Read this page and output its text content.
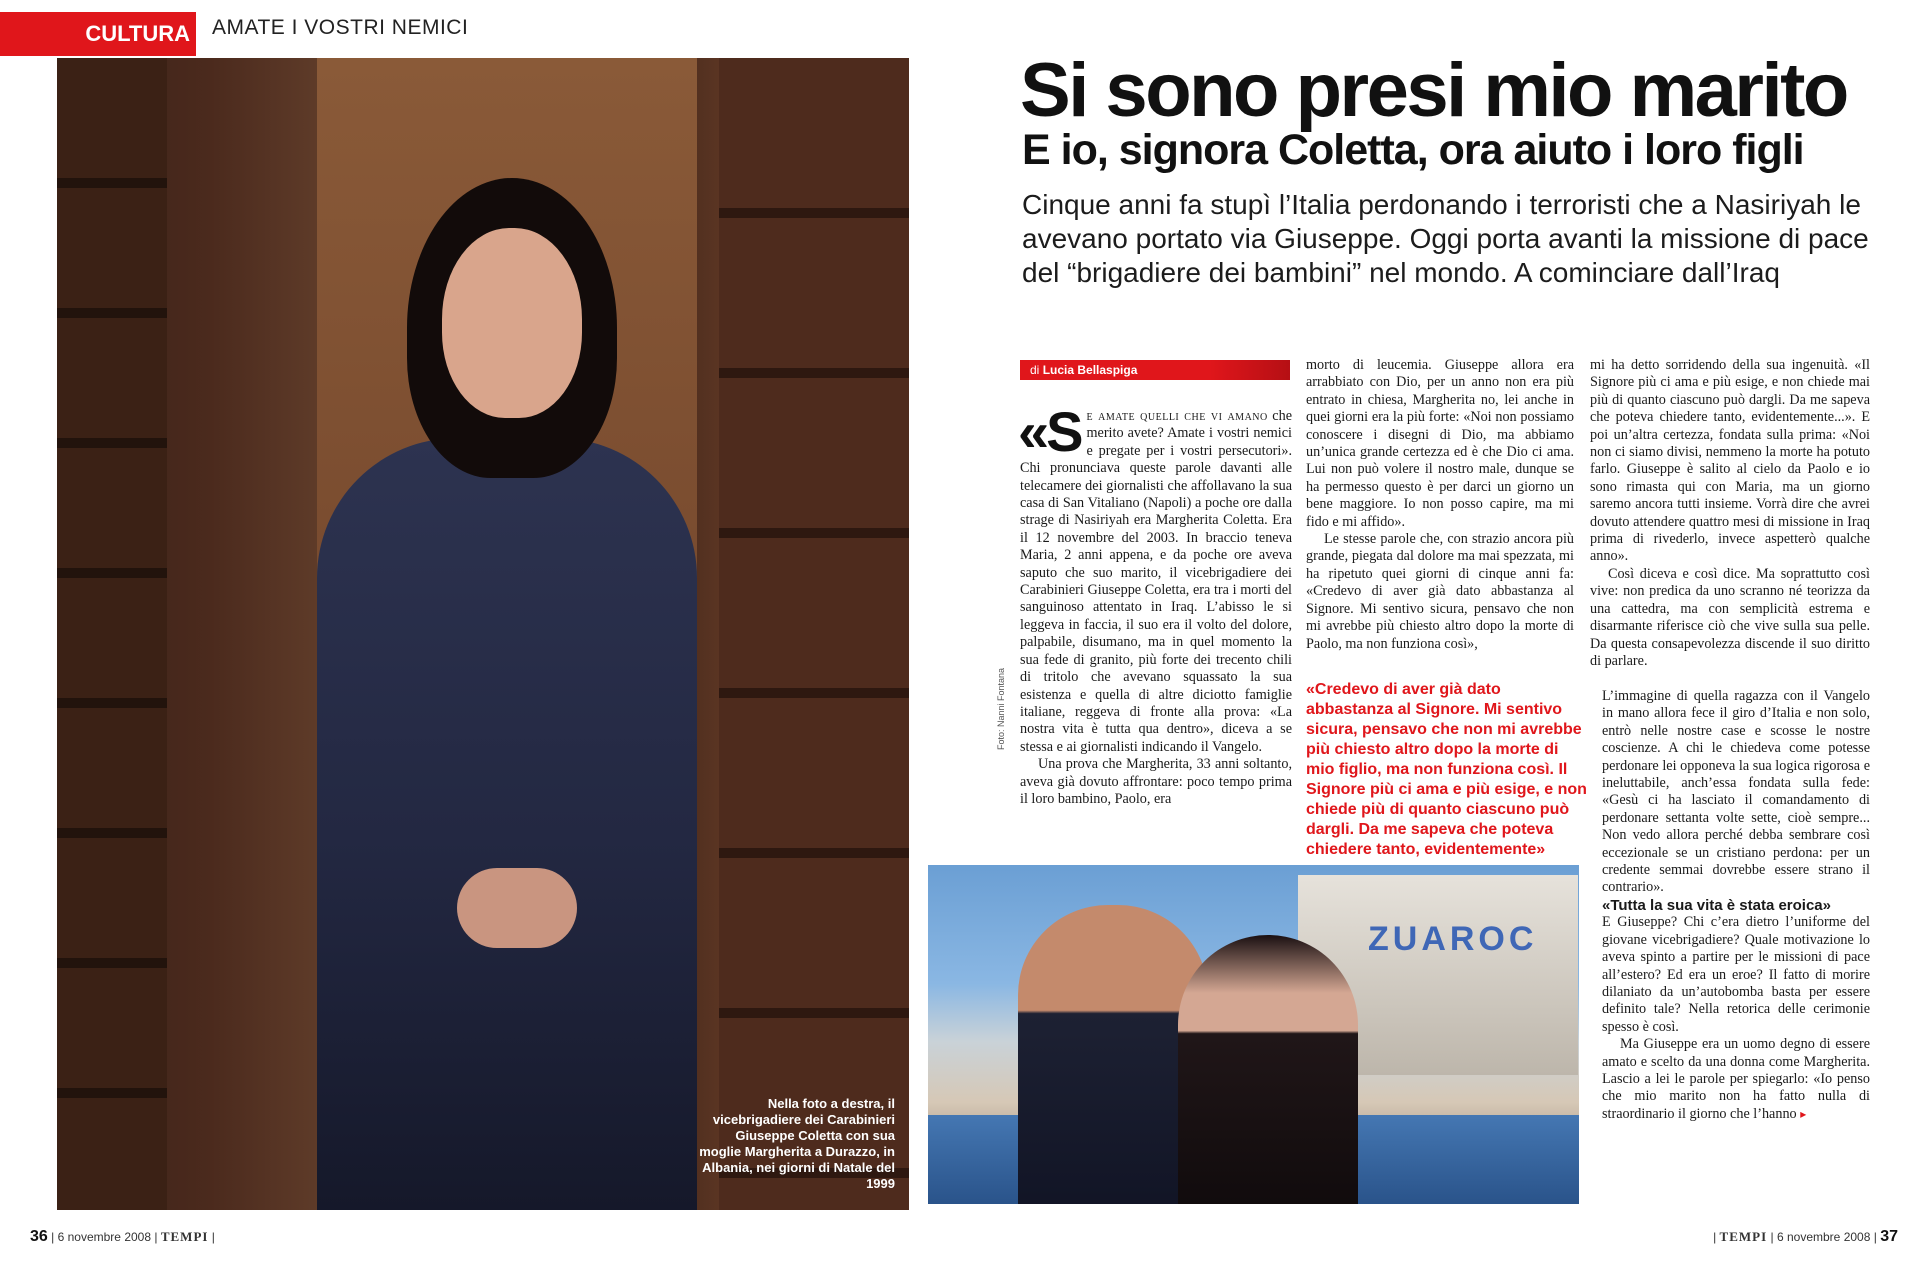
CULTURA AMATE I VOSTRI NEMICI
Nella foto a destra, il vicebrigadiere dei Carabinieri Giuseppe Coletta con sua moglie Margherita a Durazzo, in Albania, nei giorni di Natale del 1999
Foto: Nanni Fontana
Si sono presi mio marito
E io, signora Coletta, ora aiuto i loro figli
Cinque anni fa stupì l’Italia perdonando i terroristi che a Nasiriyah le avevano portato via Giuseppe. Oggi porta avanti la missione di pace del “brigadiere dei bambini” nel mondo. A cominciare dall’Iraq
di Lucia Bellaspiga

«Se amate quelli che vi amano che merito avete? Amate i vostri nemici e pregate per i vostri persecutori». Chi pronunciava queste parole davanti alle telecamere dei giornalisti che affollavano la sua casa di San Vitaliano (Napoli) a poche ore dalla strage di Nasiriyah era Margherita Coletta. Era il 12 novembre del 2003. In braccio teneva Maria, 2 anni appena, e da poche ore aveva saputo che suo marito, il vicebrigadiere dei Carabinieri Giuseppe Coletta, era tra i morti del sanguinoso attentato in Iraq. L’abisso le si leggeva in faccia, il suo era il volto del dolore, palpabile, disumano, ma in quel momento la sua fede di granito, più forte dei trecento chili di tritolo che avevano squassato la sua esistenza e quella di altre diciotto famiglie italiane, reggeva di fronte alla prova: «La nostra vita è tutta qua dentro», diceva a se stessa e ai giornalisti indicando il Vangelo.

Una prova che Margherita, 33 anni soltanto, aveva già dovuto affrontare: poco tempo prima il loro bambino, Paolo, era

morto di leucemia. Giuseppe allora era arrabbiato con Dio, per un anno non era più entrato in chiesa, Margherita no, lei anche in quei giorni era la più forte: «Noi non possiamo conoscere i disegni di Dio, ma abbiamo un’unica grande certezza ed è che Dio ci ama. Lui non può volere il nostro male, dunque se ha permesso questo è per darci un giorno un bene maggiore. Io non posso capire, ma mi fido e mi affido».

Le stesse parole che, con strazio ancora più grande, piegata dal dolore ma mai spezzata, mi ha ripetuto quei giorni di cinque anni fa: «Credevo di aver già dato abbastanza al Signore. Mi sentivo sicura, pensavo che non mi avrebbe più chiesto altro dopo la morte di Paolo, ma non funziona così»,

«Credevo di aver già dato abbastanza al Signore. Mi sentivo sicura, pensavo che non mi avrebbe più chiesto altro dopo la morte di mio figlio, ma non funziona così. Il Signore più ci ama e più esige, e non chiede più di quanto ciascuno può dargli. Da me sapeva che poteva chiedere tanto, evidentemente»

mi ha detto sorridendo della sua ingenuità. «Il Signore più ci ama e più esige, e non chiede mai più di quanto ciascuno può dargli. Da me sapeva che poteva chiedere tanto, evidentemente...». E poi un’altra certezza, fondata sulla prima: «Noi non ci siamo divisi, nemmeno la morte ha potuto farlo. Giuseppe è salito al cielo da Paolo e io sono rimasta qui con Maria, ma un giorno saremo ancora tutti insieme. Vorrà dire che avrei dovuto attendere quattro mesi di missione in Iraq prima di rivederlo, invece aspetterò qualche anno».

Così diceva e così dice. Ma soprattutto così vive: non predica da uno scranno né teorizza da una cattedra, ma con semplicità estrema e disarmante riferisce ciò che vive sulla sua pelle. Da questa consapevolezza discende il suo diritto di parlare.

L’immagine di quella ragazza con il Vangelo in mano allora fece il giro d’Italia e non solo, entrò nelle nostre case e scosse le nostre coscienze. A chi le chiedeva come potesse perdonare lei opponeva la sua logica rigorosa e ineluttabile, anch’essa fondata sulla fede: «Gesù ci ha lasciato il comandamento di perdonare settanta volte sette, cioè sempre... Non vedo allora perché debba sembrare così eccezionale se un cristiano perdona: per un credente semmai dovrebbe essere strano il contrario».

«Tutta la sua vita è stata eroica»

E Giuseppe? Chi c’era dietro l’uniforme del giovane vicebrigadiere? Quale motivazione lo aveva spinto a partire per le missioni di pace all’estero? Ed era un eroe? Il fatto di morire dilaniato da un’autobomba basta per essere definito tale? Nella retorica delle cerimonie spesso è così.

Ma Giuseppe era un uomo degno di essere amato e scelto da una donna come Margherita. Lascio a lei le parole per spiegarlo: «Io penso che mio marito non ha fatto nulla di straordinario il giorno che l’hanno ▸

ZUAROC
36 | 6 novembre 2008 | TEMPI |	| TEMPI | 6 novembre 2008 | 37
